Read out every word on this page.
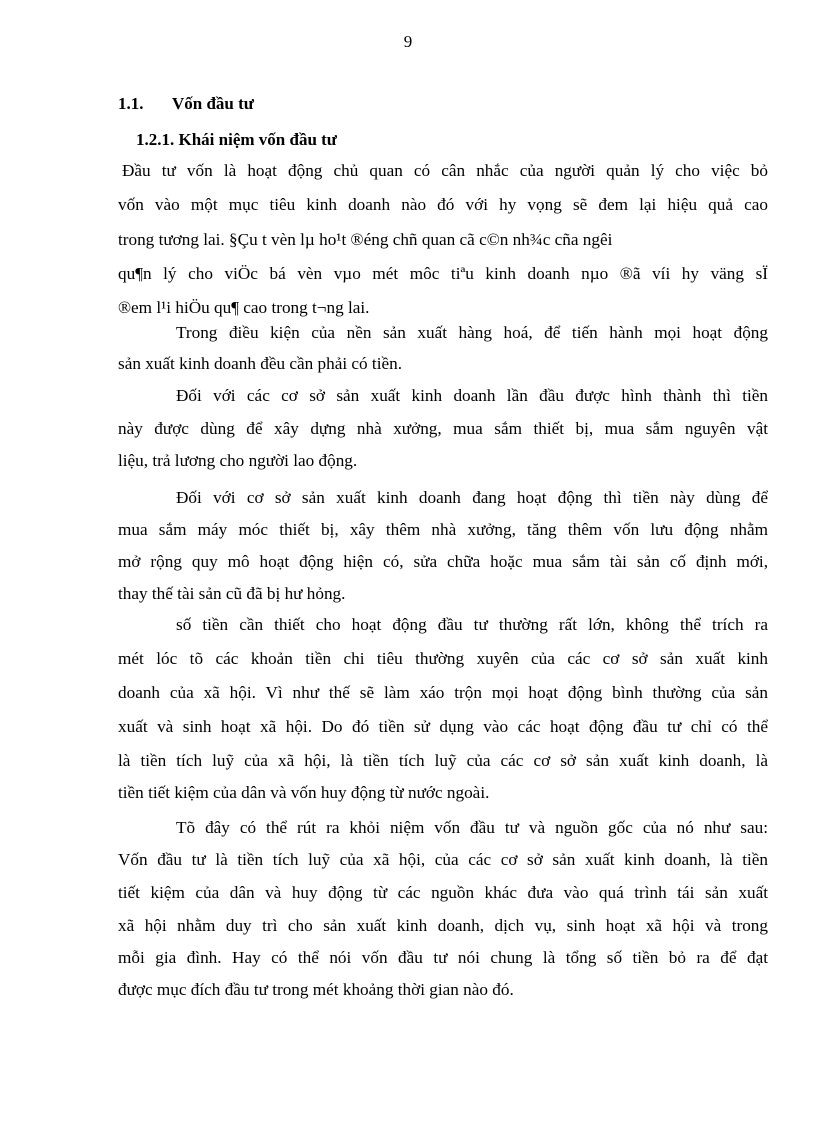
9
1.1. Vốn đầu tư
1.2.1. Khái niệm vốn đầu tư
Đầu tư vốn là hoạt động chủ quan có cân nhắc của người quản lý cho việc bỏ
vốn vào một mục tiêu kinh doanh nào đó với hy vọng sẽ đem lại hiệu quả cao
trong tương lai. §Çu t vèn lµ ho¹t ®éng chñ quan cã c©n nh¾c cña ngêi
qu¶n lý cho viÖc bá vèn vµo mét môc tiªu kinh doanh nµo ®ã víi hy väng sÏ
®em l¹i hiÖu qu¶ cao trong t¬ng lai.
Trong điều kiện của nền sản xuất hàng hoá, để tiến hành mọi hoạt động
sản xuất kinh doanh đều cần phải có tiền.
Đối với các cơ sở sản xuất kinh doanh lần đầu được hình thành thì tiền
này được dùng để xây dựng nhà xưởng, mua sắm thiết bị, mua sắm nguyên vật
liệu, trả lương cho người lao động.
Đối với cơ sở sản xuất kinh doanh đang hoạt động thì tiền này dùng để
mua sắm máy móc thiết bị, xây thêm nhà xưởng, tăng thêm vốn lưu động nhằm
mở rộng quy mô hoạt động hiện có, sửa chữa hoặc mua sắm tài sản cố định mới,
thay thế tài sản cũ đã bị hư hỏng.
số tiền cần thiết cho hoạt động đầu tư thường rất lớn, không thể trích ra
mét lóc tõ các khoản tiền chi tiêu thường xuyên của các cơ sở sản xuất kinh
doanh của xã hội. Vì như thế sẽ làm xáo trộn mọi hoạt động bình thường của sản
xuất và sinh hoạt xã hội. Do đó tiền sử dụng vào các hoạt động đầu tư chỉ có thể
là tiền tích luỹ của xã hội, là tiền tích luỹ của các cơ sở sản xuất kinh doanh, là
tiền tiết kiệm của dân và vốn huy động từ nước ngoài.
Tõ đây có thể rút ra khỏi niệm vốn đầu tư và nguồn gốc của nó như sau:
Vốn đầu tư là tiền tích luỹ của xã hội, của các cơ sở sản xuất kinh doanh, là tiền
tiết kiệm của dân và huy động từ các nguồn khác đưa vào quá trình tái sản xuất
xã hội nhằm duy trì cho sản xuất kinh doanh, dịch vụ, sinh hoạt xã hội và trong
mỗi gia đình. Hay có thể nói vốn đầu tư nói chung là tổng số tiền bỏ ra để đạt
được mục đích đầu tư trong mét khoảng thời gian nào đó.
